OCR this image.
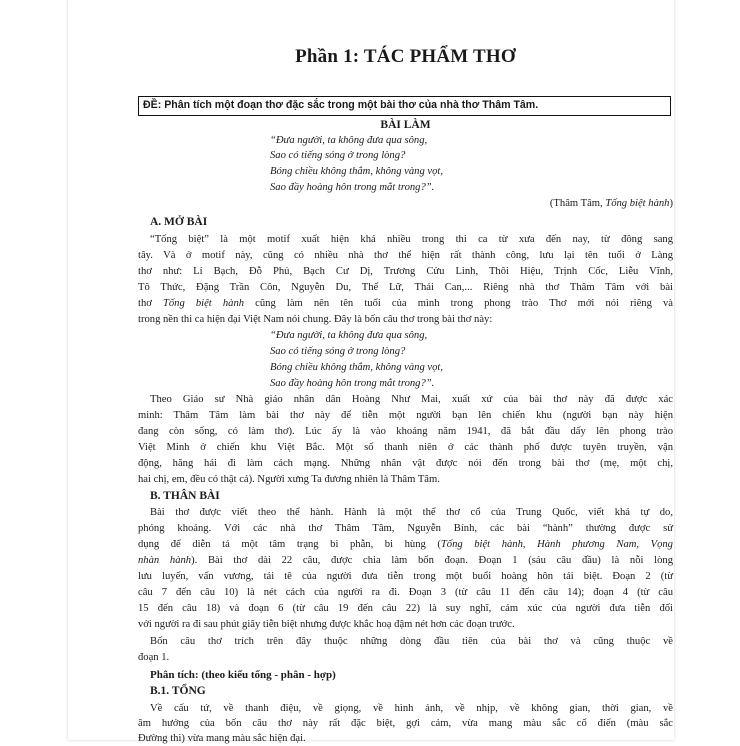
Phần 1: TÁC PHẨM THƠ
ĐỀ: Phân tích một đoạn thơ đặc sắc trong một bài thơ của nhà thơ Thâm Tâm.
BÀI LÀM
“Đưa người, ta không đưa qua sông,
Sao có tiếng sóng ở trong lòng?
Bóng chiều không thắm, không vàng vọt,
Sao đầy hoàng hôn trong mắt trong?”.
(Thâm Tâm, Tống biệt hành)
A. MỞ BÀI
“Tống biệt” là một motif xuất hiện khá nhiều trong thi ca từ xưa đến nay, từ đông sang
tây. Và ở motif này, cũng có nhiều nhà thơ thể hiện rất thành công, lưu lại tên tuổi ở Làng
thơ như: Lí Bạch, Đỗ Phủ, Bạch Cư Dị, Trương Cửu Linh, Thôi Hiệu, Trịnh Cốc, Liễu Vĩnh,
Tô Thức, Đặng Trần Côn, Nguyễn Du, Thế Lữ, Thái Can,... Riêng nhà thơ Thâm Tâm với bài
thơ Tống biệt hành cũng làm nên tên tuổi của mình trong phong trào Thơ mới nói riêng và
trong nền thi ca hiện đại Việt Nam nói chung. Đây là bốn câu thơ trong bài thơ này:
“Đưa người, ta không đưa qua sông,
Sao có tiếng sóng ở trong lòng?
Bóng chiều không thắm, không vàng vọt,
Sao đầy hoàng hôn trong mắt trong?”.
Theo Giáo sư Nhà giáo nhân dân Hoàng Như Mai, xuất xứ của bài thơ này đã được xác
minh: Thâm Tâm làm bài thơ này để tiễn một người bạn lên chiến khu (người bạn này hiện
đang còn sống, có làm thơ). Lúc ấy là vào khoảng năm 1941, đã bắt đầu dấy lên phong trào
Việt Minh ở chiến khu Việt Bắc. Một số thanh niên ở các thành phố được tuyên truyền, vận
động, hăng hái đi làm cách mạng. Những nhân vật được nói đến trong bài thơ (mẹ, một chị,
hai chị, em, đều có thật cả). Người xưng Ta đương nhiên là Thâm Tâm.
B. THÂN BÀI
Bài thơ được viết theo thể hành. Hành là một thể thơ cổ của Trung Quốc, viết khá tự do,
phóng khoáng. Với các nhà thơ Thâm Tâm, Nguyễn Bính, các bài “hành” thường được sử
dụng để diễn tả một tâm trạng bi phẫn, bi hùng (Tống biệt hành, Hành phương Nam, Vọng
nhàn hành). Bài thơ dài 22 câu, được chia làm bốn đoạn. Đoạn 1 (sáu câu đầu) là nỗi lòng
lưu luyến, vấn vương, tái tê của người đưa tiễn trong một buổi hoàng hôn tái biệt. Đoạn 2 (từ
câu 7 đến câu 10) là nét cách của người ra đi. Đoạn 3 (từ câu 11 đến câu 14); đoạn 4 (từ câu
15 đến câu 18) và đoạn 6 (từ câu 19 đến câu 22) là suy nghĩ, cảm xúc của người đưa tiễn đối
với người ra đi sau phút giây tiễn biệt nhưng được khắc hoạ đậm nét hơn các đoạn trước.
Bốn câu thơ trích trên đây thuộc những dòng đầu tiên của bài thơ và cũng thuộc về
đoạn 1.
Phân tích: (theo kiểu tổng - phân - hợp)
B.1. TỔNG
Về cấu tứ, về thanh điệu, về giọng, về hình ảnh, về nhịp, về không gian, thời gian, về
âm hưởng của bốn câu thơ này rất đặc biệt, gợi cảm, vừa mang màu sắc cổ điển (màu sắc
Đường thi) vừa mang màu sắc hiện đại.
